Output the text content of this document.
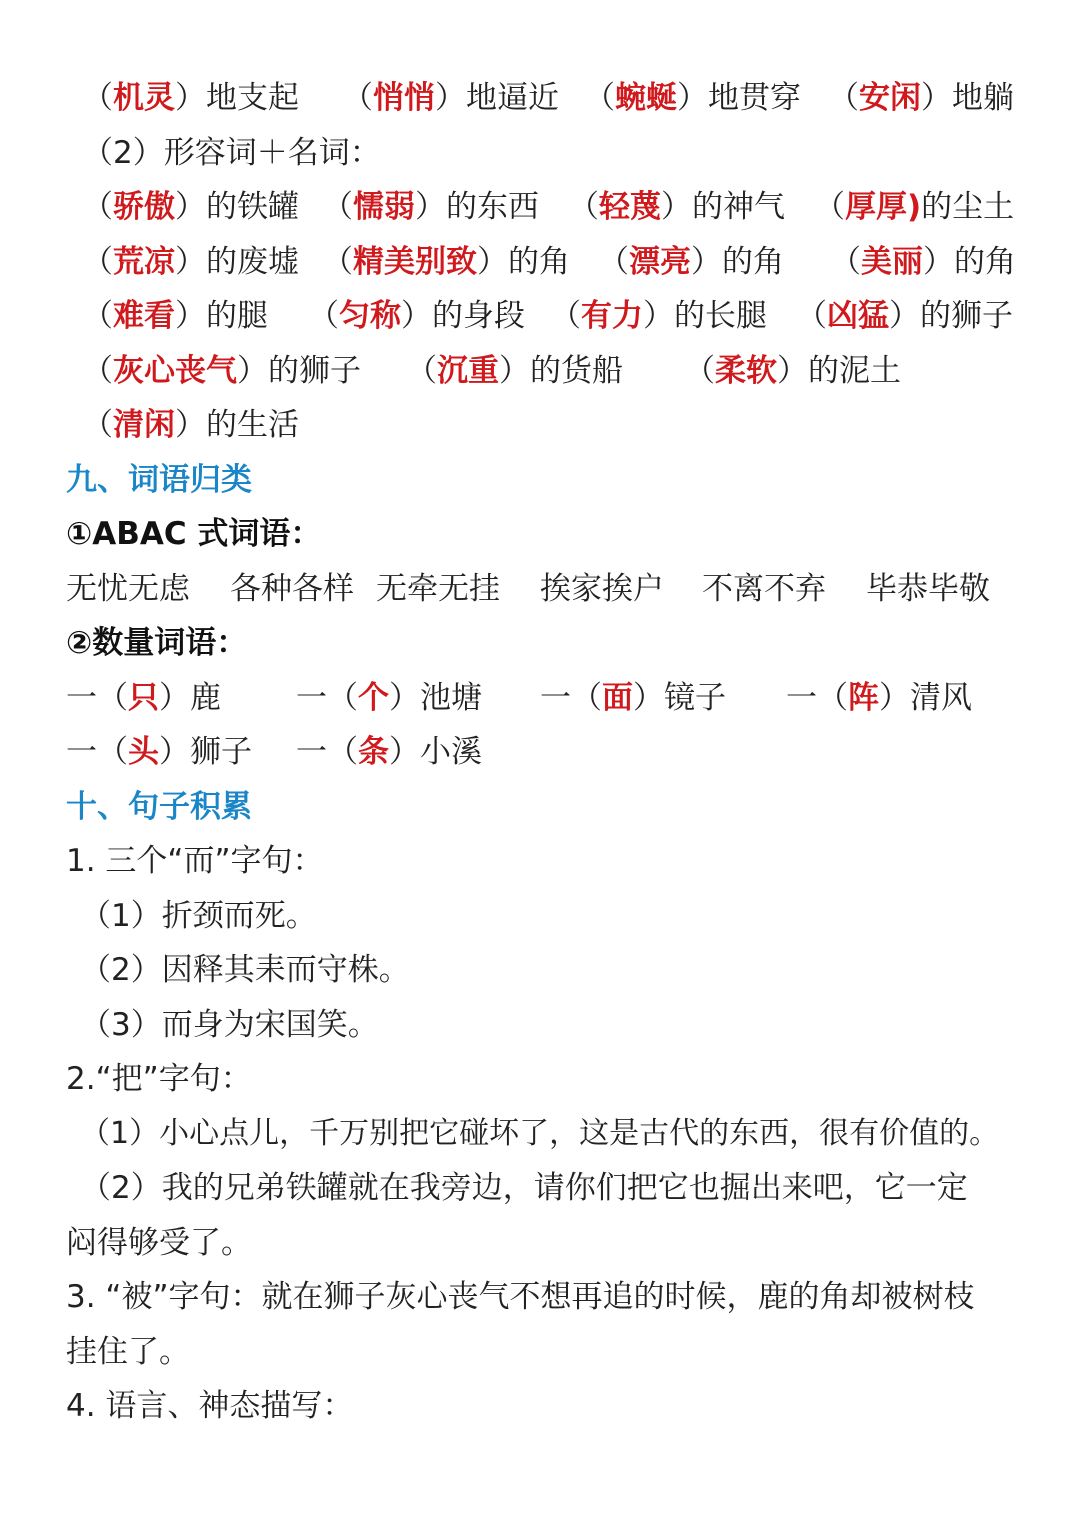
（机灵）地支起 （悄悄）地逼近 （蜿蜒）地贯穿 （安闲）地躺
（2）形容词＋名词：
（骄傲）的铁罐 （懦弱）的东西 （轻蔑）的神气 （厚厚)的尘土
（荒凉）的废墟 （精美别致）的角 （漂亮）的角 （美丽）的角
（难看）的腿 （匀称）的身段 （有力）的长腿 （凶猛）的狮子
（灰心丧气）的狮子 （沉重）的货船 （柔软）的泥土
（清闲）的生活
九、词语归类
①ABAC 式词语：
无忧无虑 各种各样 无牵无挂 挨家挨户 不离不弃 毕恭毕敬
②数量词语：
一（只）鹿 一（个）池塘 一（面）镜子 一（阵）清风
一（头）狮子 一（条）小溪
十、句子积累
1. 三个“而”字句：
（1）折颈而死。
（2）因释其耒而守株。
（3）而身为宋国笑。
2.“把”字句：
（1）小心点儿，千万别把它碰坏了，这是古代的东西，很有价值的。
（2）我的兄弟铁罐就在我旁边，请你们把它也掘出来吧，它一定
闷得够受了。
3. “被”字句：就在狮子灰心丧气不想再追的时候，鹿的角却被树枝
挂住了。
4. 语言、神态描写：
